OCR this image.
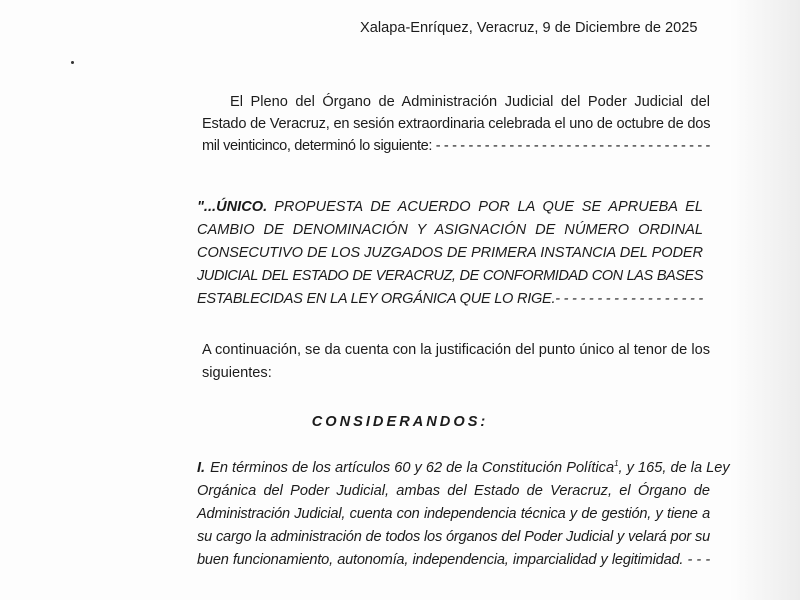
Xalapa-Enríquez, Veracruz, 9 de Diciembre de 2025
El Pleno del Órgano de Administración Judicial del Poder Judicial del
Estado de Veracruz, en sesión extraordinaria celebrada el uno de octubre de dos
mil veinticinco, determinó lo siguiente: - - - - - - - - - - - - - - - - - - - - - - - - - - - - - - - - - -
"...ÚNICO. PROPUESTA DE ACUERDO POR LA QUE SE APRUEBA EL
CAMBIO DE DENOMINACIÓN Y ASIGNACIÓN DE NÚMERO ORDINAL
CONSECUTIVO DE LOS JUZGADOS DE PRIMERA INSTANCIA DEL PODER
JUDICIAL DEL ESTADO DE VERACRUZ, DE CONFORMIDAD CON LAS BASES
ESTABLECIDAS EN LA LEY ORGÁNICA QUE LO RIGE.- - - - - - - - - - - - - - - - - -
A continuación, se da cuenta con la justificación del punto único al tenor de los
siguientes:
CONSIDERANDOS:
I. En términos de los artículos 60 y 62 de la Constitución Política$^1$, y 165, de la Ley
Orgánica del Poder Judicial, ambas del Estado de Veracruz, el Órgano de
Administración Judicial, cuenta con independencia técnica y de gestión, y tiene a
su cargo la administración de todos los órganos del Poder Judicial y velará por su
buen funcionamiento, autonomía, independencia, imparcialidad y legitimidad. - - -
